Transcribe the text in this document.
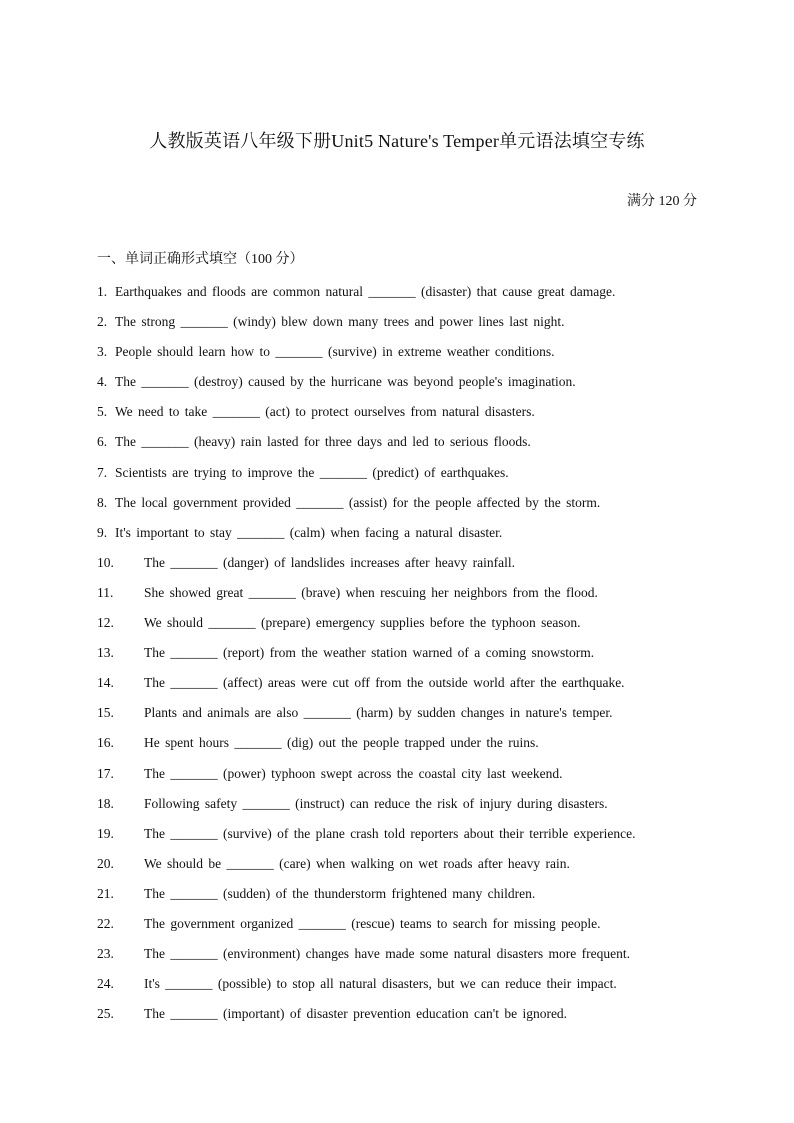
人教版英语八年级下册Unit5 Nature's Temper单元语法填空专练
满分 120 分
一、单词正确形式填空（100 分）
1. Earthquakes and floods are common natural _______ (disaster) that cause great damage.
2. The strong _______ (windy) blew down many trees and power lines last night.
3. People should learn how to _______ (survive) in extreme weather conditions.
4. The _______ (destroy) caused by the hurricane was beyond people's imagination.
5. We need to take _______ (act) to protect ourselves from natural disasters.
6. The _______ (heavy) rain lasted for three days and led to serious floods.
7. Scientists are trying to improve the _______ (predict) of earthquakes.
8. The local government provided _______ (assist) for the people affected by the storm.
9. It's important to stay _______ (calm) when facing a natural disaster.
10. The _______ (danger) of landslides increases after heavy rainfall.
11. She showed great _______ (brave) when rescuing her neighbors from the flood.
12. We should _______ (prepare) emergency supplies before the typhoon season.
13. The _______ (report) from the weather station warned of a coming snowstorm.
14. The _______ (affect) areas were cut off from the outside world after the earthquake.
15. Plants and animals are also _______ (harm) by sudden changes in nature's temper.
16. He spent hours _______ (dig) out the people trapped under the ruins.
17. The _______ (power) typhoon swept across the coastal city last weekend.
18. Following safety _______ (instruct) can reduce the risk of injury during disasters.
19. The _______ (survive) of the plane crash told reporters about their terrible experience.
20. We should be _______ (care) when walking on wet roads after heavy rain.
21. The _______ (sudden) of the thunderstorm frightened many children.
22. The government organized _______ (rescue) teams to search for missing people.
23. The _______ (environment) changes have made some natural disasters more frequent.
24. It's _______ (possible) to stop all natural disasters, but we can reduce their impact.
25. The _______ (important) of disaster prevention education can't be ignored.
